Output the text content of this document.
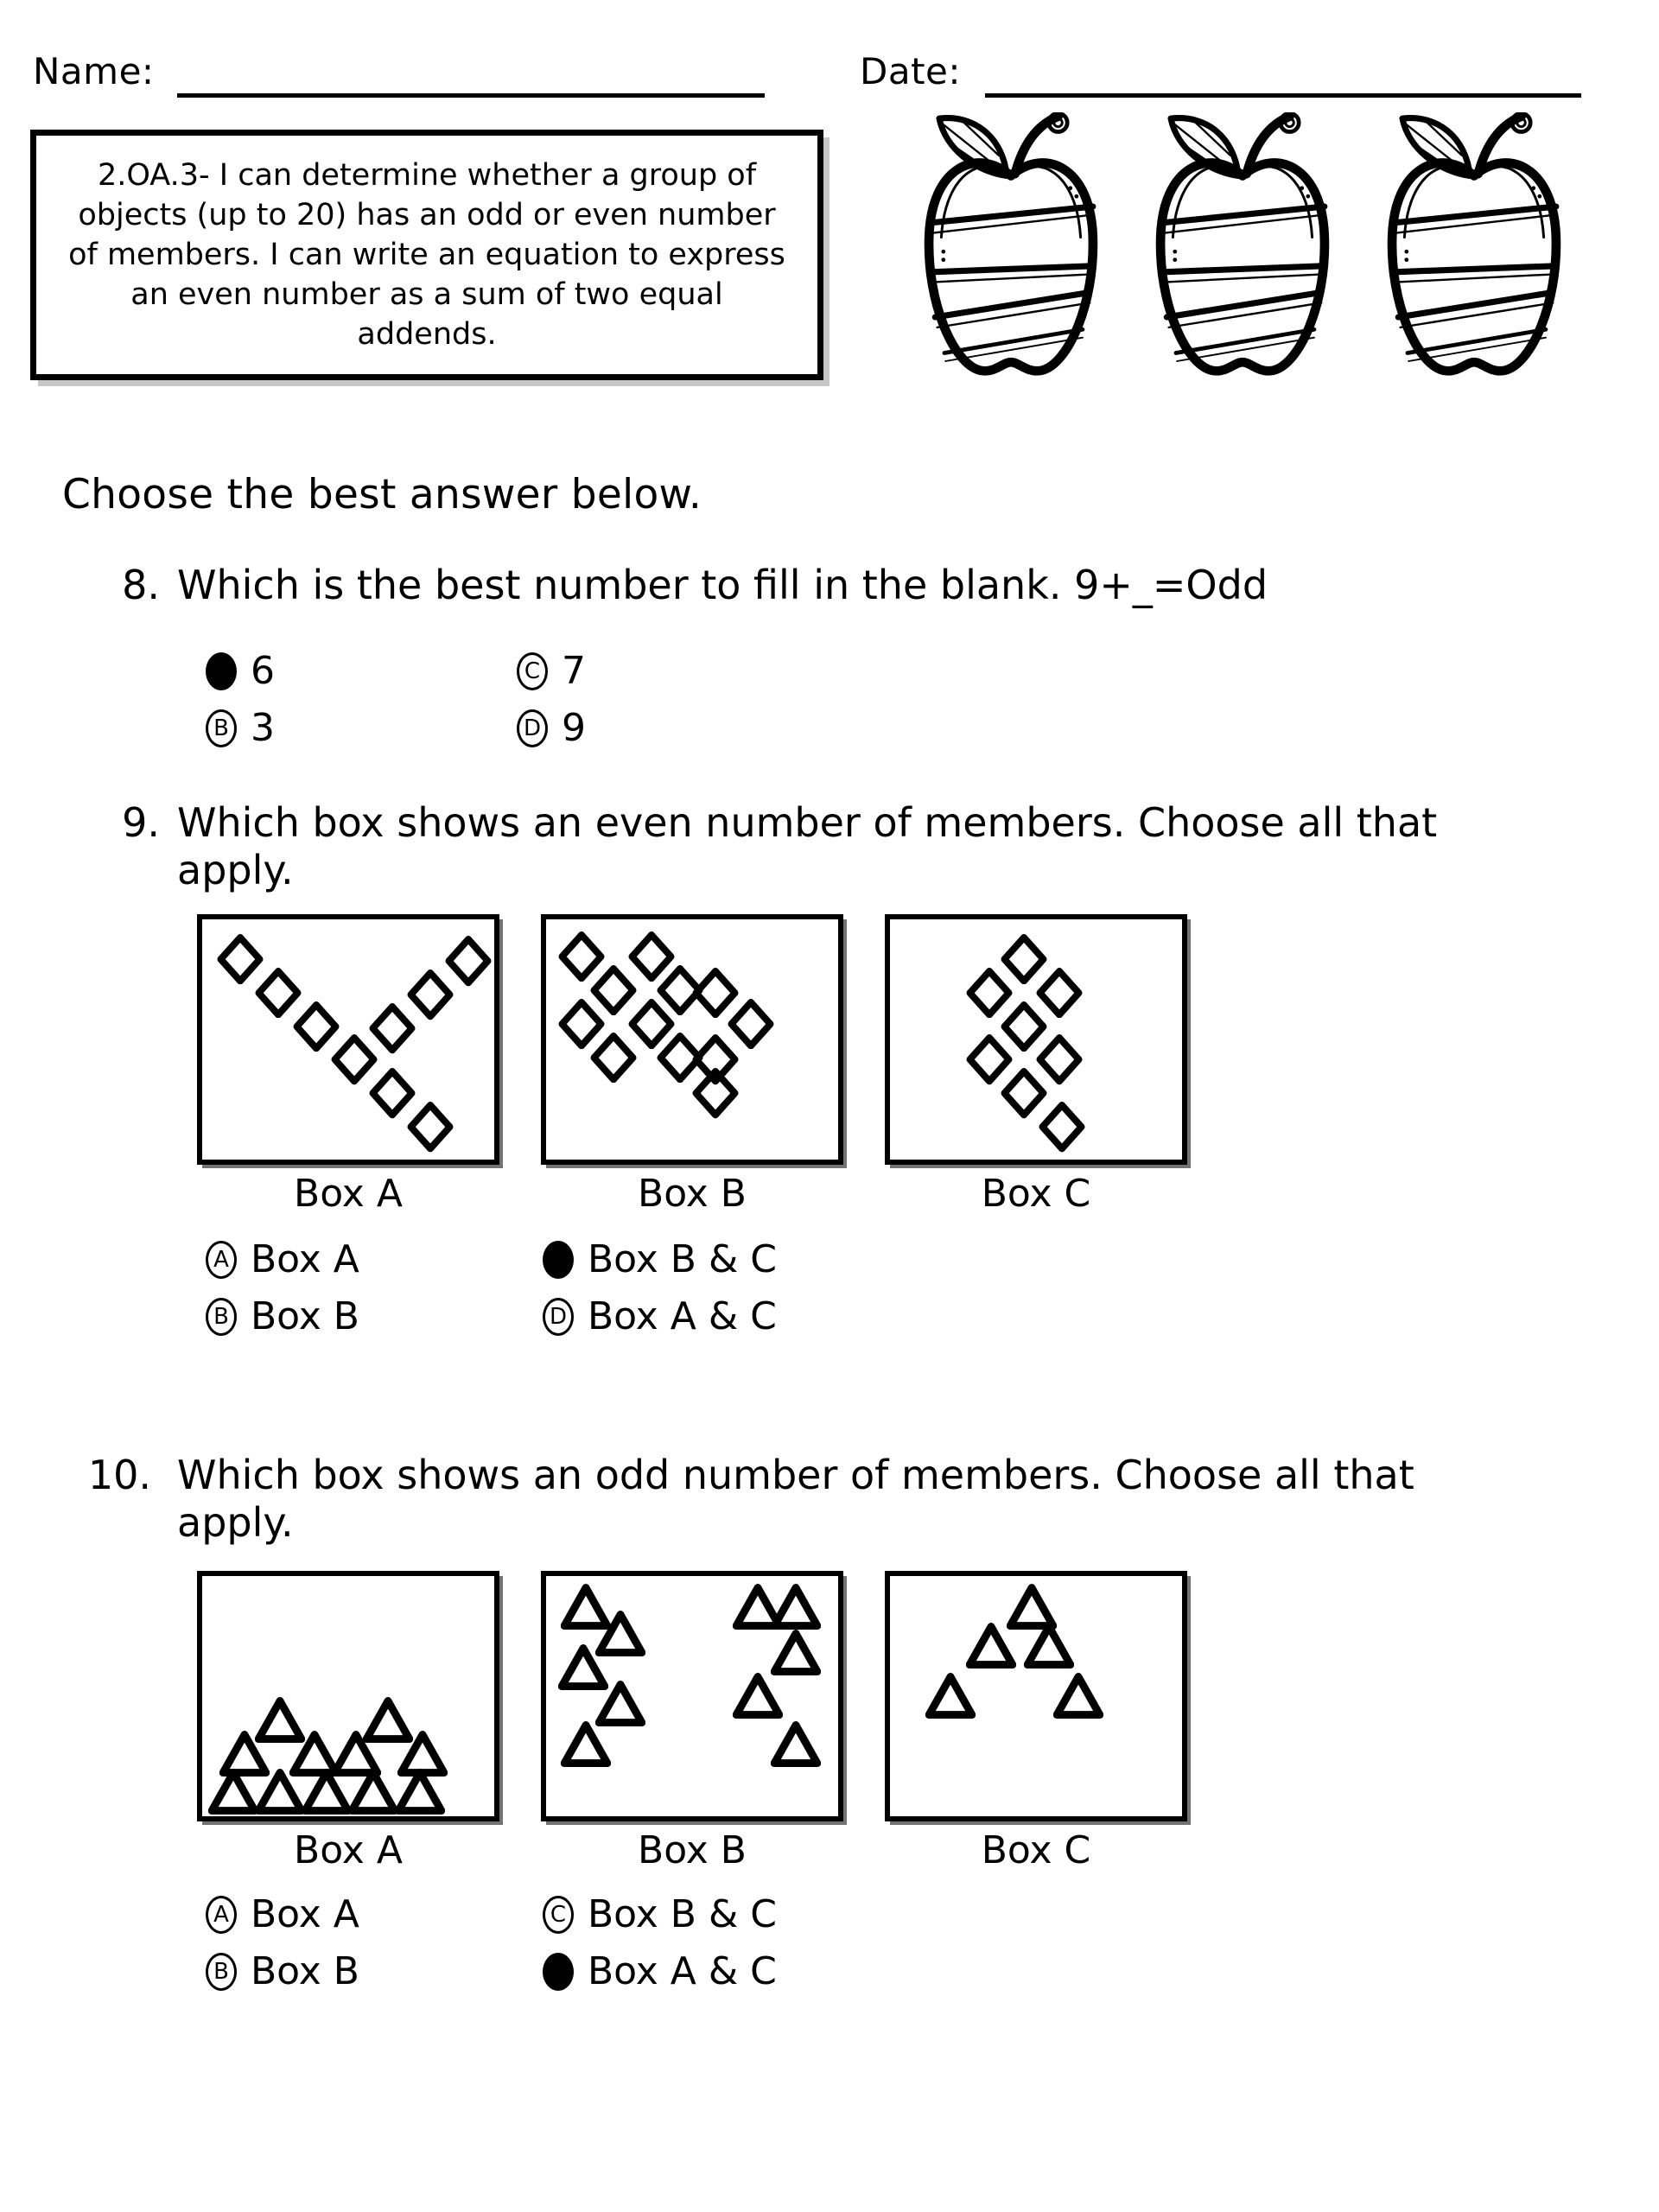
Name:	Date:
2.OA.3- I can determine whether a group of objects (up to 20) has an odd or even number of members. I can write an equation to express an even number as a sum of two equal addends.
Choose the best answer below.
8. Which is the best number to fill in the blank. 9+_=Odd
6	C 7
B 3	D 9
9. Which box shows an even number of members. Choose all that apply.
Box A	Box B	Box C
A Box A	Box B & C
B Box B	D Box A & C
10. Which box shows an odd number of members. Choose all that apply.
Box A	Box B	Box C
A Box A	C Box B & C
B Box B	Box A & C
